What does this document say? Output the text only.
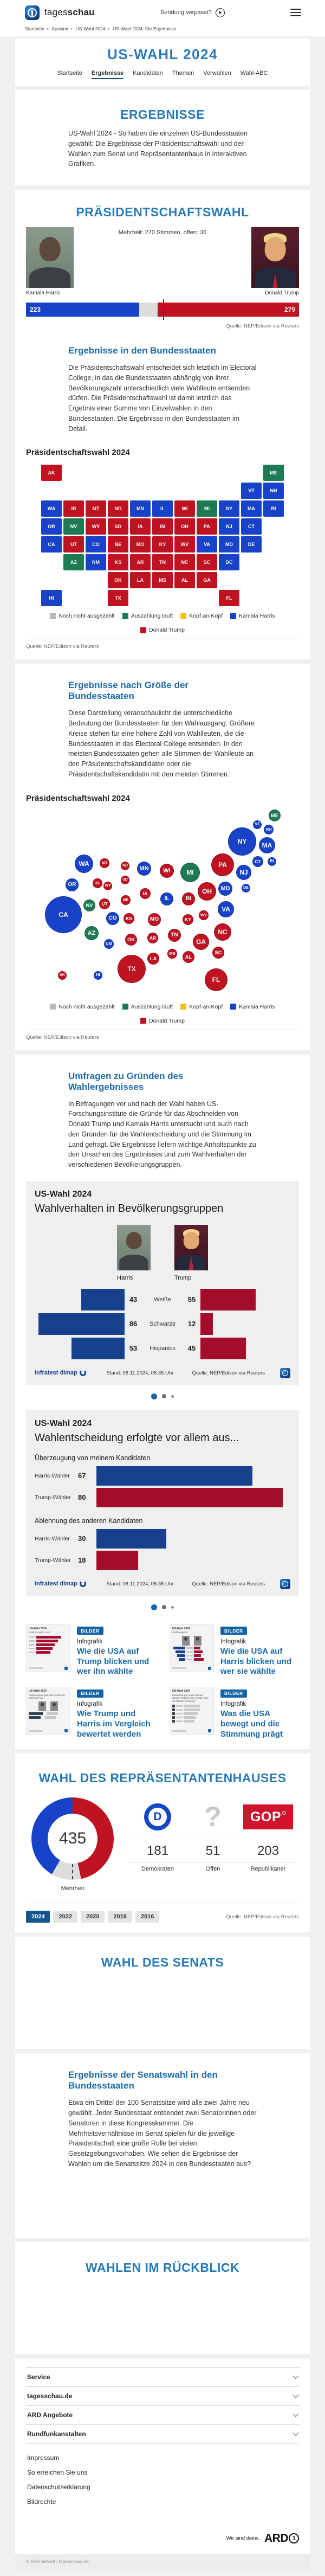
tagesschau	Sendung verpasst?	▶
Startseite ▸ Ausland ▸ US-Wahl 2024 ▸ US-Wahl 2024: Die Ergebnisse
US-WAHL 2024
Startseite Ergebnisse Kandidaten Themen Vorwahlen Wahl-ABC
ERGEBNISSE

US-Wahl 2024 - So haben die einzelnen US-Bundesstaaten gewählt: Die Ergebnisse der Präsidentschaftswahl und der Wahlen zum Senat und Repräsentantenhaus in interaktiven Grafiken.

PRÄSIDENTSCHAFTSWAHL
Kamala Harris
Mehrheit: 270 Stimmen, offen: 36
Donald Trump
223	279
Quelle: NEP/Edison via Reuters
Ergebnisse in den Bundesstaaten

Die Präsidentschaftswahl entscheidet sich letztlich im Electoral College, in das die Bundesstaaten abhängig von ihrer Bevölkerungszahl unterschiedlich viele Wahlleute entsenden dürfen. Die Präsidentschaftswahl ist damit letztlich das Ergebnis einer Summe von Einzelwahlen in den Bundesstaaten. Die Ergebnisse in den Bundesstaaten im Detail.

Präsidentschaftswahl 2024
AK	ME
VT	NH
WA	ID	MT	ND	MN	IL	WI	MI	NY	MA	RI
OR	NV	WY	SD	IA	IN	OH	PA	NJ	CT
CA	UT	CO	NE	MO	KY	WV	VA	MD	DE
AZ	NM	KS	AR	TN	NC	SC	DC
OK	LA	MS	AL	GA
HI	TX	FL
Noch nicht ausgezählt	Auszählung läuft	Kopf-an-Kopf	Kamala Harris
Donald Trump
Quelle: NEP/Edison via Reuters
Ergebnisse nach Größe der Bundesstaaten

Diese Darstellung veranschaulicht die unterschiedliche Bedeutung der Bundesstaaten für den Wahlausgang. Größere Kreise stehen für eine höhere Zahl von Wahlleuten, die die Bundesstaaten in das Electoral College entsenden. In den meisten Bundesstaaten gehen alle Stimmen der Wahlleute an den Präsidentschaftskandidaten oder die Präsidentschaftskandidatin mit den meisten Stimmen.

Präsidentschaftswahl 2024
ME
VT
NH
NY	MA
CT	RI
PA
NJ
WA	MT
ND	MN	WI	MI
OR	ID
WY
SD
IA	OH	MD	DE
NE	IL	IN
NV	UT
CA
VA
WV
KY
CO	KS	MO
NC
AZ	TN
GA
OK	AR
NM
SC
MS
AL
LA
TX
AK	HI
FL
Noch nicht ausgezählt	Auszählung läuft	Kopf-an-Kopf	Kamala Harris
Donald Trump
Quelle: NEP/Edison via Reuters
Umfragen zu Gründen des Wahlergebnisses

In Befragungen vor und nach der Wahl haben US-Forschungsinstitute die Gründe für das Abschneiden von Donald Trump und Kamala Harris untersucht und auch nach den Gründen für die Wahlentscheidung und die Stimmung im Land gefragt. Die Ergebnisse liefern wichtige Anhaltspunkte zu den Ursachen des Ergebnisses und zum Wahlverhalten der verschiedenen Bevölkerungsgruppen.

US-Wahl 2024
Wahlverhalten in Bevölkerungsgruppen
Harris	Trump
43	Weiße	55
86	Schwarze	12
53	Hispanics	45
infratest dimap	Stand: 06.11.2024, 06:35 Uhr	Quelle: NEP/Edison via Reuters
US-Wahl 2024
Wahlentscheidung erfolgte vor allem aus...
Überzeugung von meinem Kandidaten
Harris-Wähler	67
Trump-Wähler	80
Ablehnung des anderen Kandidaten
Harris-Wähler	30
Trump-Wähler	18
infratest dimap	Stand: 06.11.2024, 06:35 Uhr	Quelle: NEP/Edison via Reuters
US-Wahl 2024
Profil Donald Trump	BILDER
Infografik
Wie die USA auf Trump blicken und wer ihn wählte
US-Wahl 2024
Profilvergleich	BILDER
Infografik
Wie die USA auf Harris blicken und wer sie wählte
US-Wahl 2024
Überwiegend gute oder schlechte Meinung von...
BILDER
Infografik
Wie Trump und Harris im Vergleich bewertet werden
US-Wahl 2024
Entwickelt sich das Land auf diesem Gebiet in die richtige oder die falsche Richtung?
BILDER
Infografik
Was die USA bewegt und die Stimmung prägt
WAHL DES REPRÄSENTANTENHAUSES
435
Mehrheit
D	?	GOP
181	51	203
Demokraten	Offen	Republikaner
2024	2022	2020	2018	2016	Quelle: NEP/Edison via Reuters
WAHL DES SENATS
Ergebnisse der Senatswahl in den Bundesstaaten

Etwa ein Drittel der 100 Senatssitze wird alle zwei Jahre neu gewählt. Jeder Bundesstaat entsendet zwei Senatorinnen oder Senatoren in diese Kongresskammer. Die Mehrheitsverhältnisse im Senat spielen für die jeweilige Präsidentschaft eine große Rolle bei vielen Gesetzgebungsvorhaben. Wie sehen die Ergebnisse der Wahlen um die Senatssitze 2024 in den Bundesstaaten aus?

WAHLEN IM RÜCKBLICK
Service
tagesschau.de
ARD Angebote
Rundfunkanstalten
Impressum
So erreichen Sie uns
Datenschutzerklärung
Bildrechte
Wir sind deins. ARD 1
© ARD-aktuell / tagesschau.de
